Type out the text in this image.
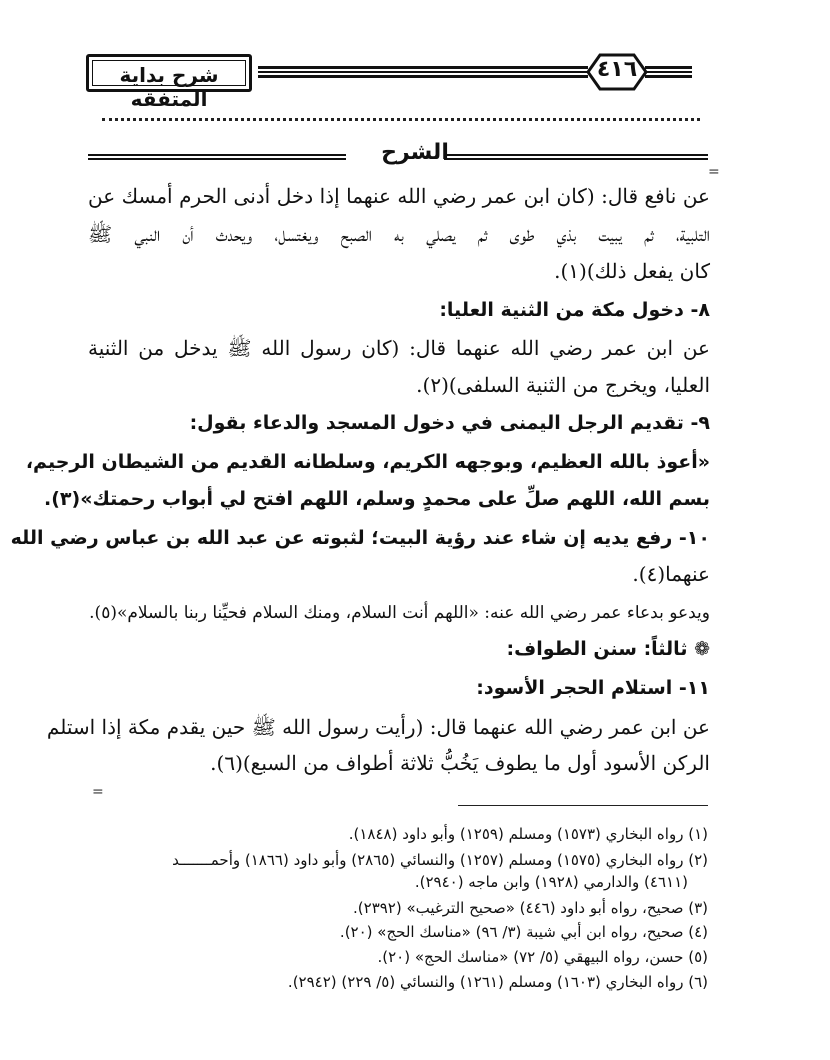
شرح بداية المتفقه
٤١٦
الشرح
=
عن نافع قال: (كان ابن عمر رضي الله عنهما إذا دخل أدنى الحرم أمسك عن
التلبية، ثم يبيت بذي طوى ثم يصلي به الصبح ويغتسل، ويحدث أن النبي ﷺ
كان يفعل ذلك)(١).
٨- دخول مكة من الثنية العليا:
عن ابن عمر رضي الله عنهما قال: (كان رسول الله ﷺ يدخل من الثنية
العليا، ويخرج من الثنية السلفى)(٢).
٩- تقديم الرجل اليمنى في دخول المسجد والدعاء بقول:
«أعوذ بالله العظيم، وبوجهه الكريم، وسلطانه القديم من الشيطان الرجيم،
بسم الله، اللهم صلِّ على محمدٍ وسلم، اللهم افتح لي أبواب رحمتك»(٣).
١٠- رفع يديه إن شاء عند رؤية البيت؛ لثبوته عن عبد الله بن عباس رضي الله
عنهما(٤).
ويدعو بدعاء عمر رضي الله عنه: «اللهم أنت السلام، ومنك السلام فحيِّنا ربنا بالسلام»(٥).
❁ ثالثاً: سنن الطواف:
١١- استلام الحجر الأسود:
عن ابن عمر رضي الله عنهما قال: (رأيت رسول الله ﷺ حين يقدم مكة إذا استلم
الركن الأسود أول ما يطوف يَخُبُّ ثلاثة أطواف من السبع)(٦).
=
(١) رواه البخاري (١٥٧٣) ومسلم (١٢٥٩) وأبو داود (١٨٤٨).
(٢) رواه البخاري (١٥٧٥) ومسلم (١٢٥٧) والنسائي (٢٨٦٥) وأبو داود (١٨٦٦) وأحمـــــــد
(٤٦١١) والدارمي (١٩٢٨) وابن ماجه (٢٩٤٠).
(٣) صحيح، رواه أبو داود (٤٤٦) «صحيح الترغيب» (٢٣٩٢).
(٤) صحيح، رواه ابن أبي شيبة (٣/ ٩٦) «مناسك الحج» (٢٠).
(٥) حسن، رواه البيهقي (٥/ ٧٢) «مناسك الحج» (٢٠).
(٦) رواه البخاري (١٦٠٣) ومسلم (١٢٦١) والنسائي (٥/ ٢٢٩) (٢٩٤٢).
